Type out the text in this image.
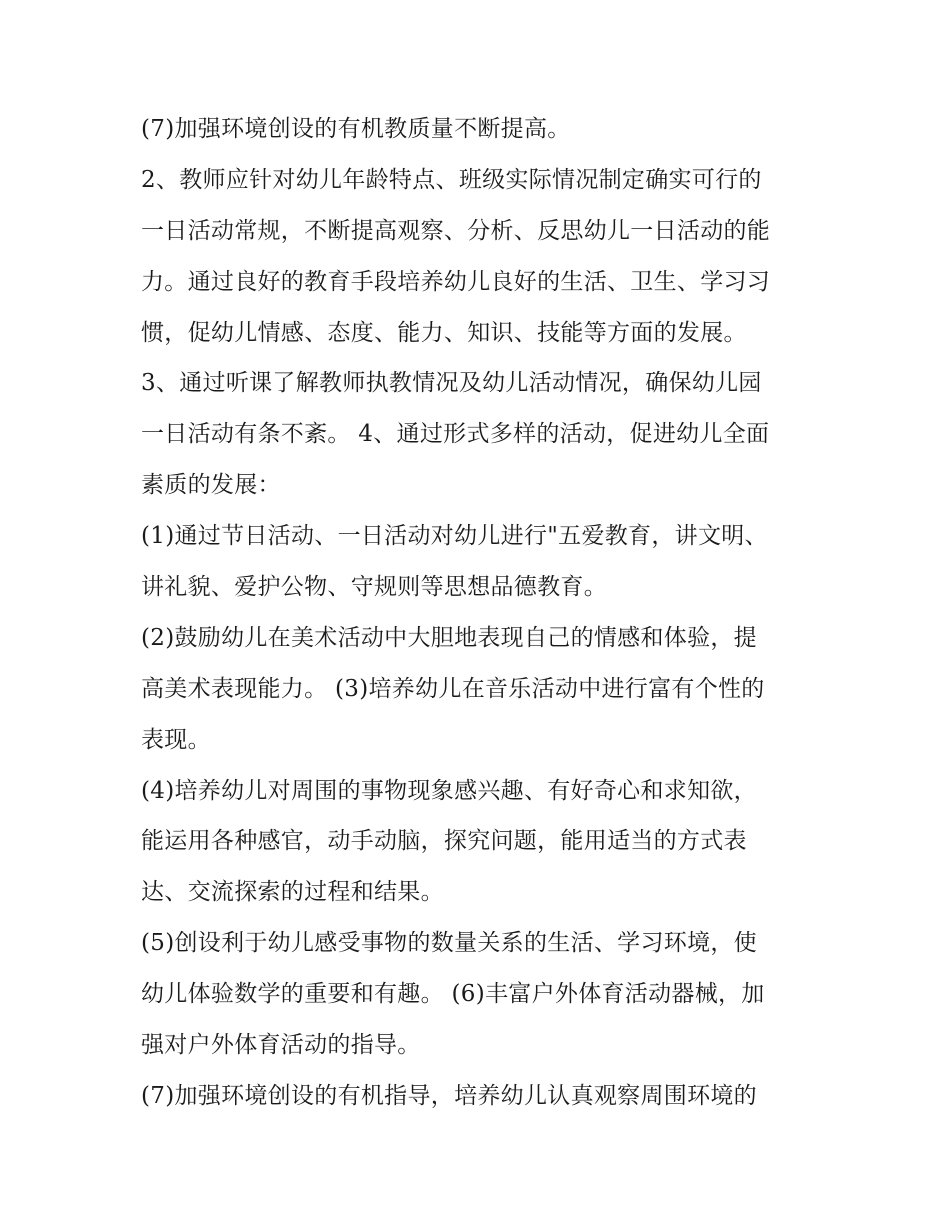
(7)加强环境创设的有机教质量不断提高。
2、教师应针对幼儿年龄特点、班级实际情况制定确实可行的
一日活动常规，不断提高观察、分析、反思幼儿一日活动的能
力。通过良好的教育手段培养幼儿良好的生活、卫生、学习习
惯，促幼儿情感、态度、能力、知识、技能等方面的发展。
3、通过听课了解教师执教情况及幼儿活动情况，确保幼儿园
一日活动有条不紊。 4、通过形式多样的活动，促进幼儿全面
素质的发展：
(1)通过节日活动、一日活动对幼儿进行"五爱教育，讲文明、
讲礼貌、爱护公物、守规则等思想品德教育。
(2)鼓励幼儿在美术活动中大胆地表现自己的情感和体验，提
高美术表现能力。 (3)培养幼儿在音乐活动中进行富有个性的
表现。
(4)培养幼儿对周围的事物现象感兴趣、有好奇心和求知欲，
能运用各种感官，动手动脑，探究问题，能用适当的方式表
达、交流探索的过程和结果。
(5)创设利于幼儿感受事物的数量关系的生活、学习环境，使
幼儿体验数学的重要和有趣。 (6)丰富户外体育活动器械，加
强对户外体育活动的指导。
(7)加强环境创设的有机指导，培养幼儿认真观察周围环境的
